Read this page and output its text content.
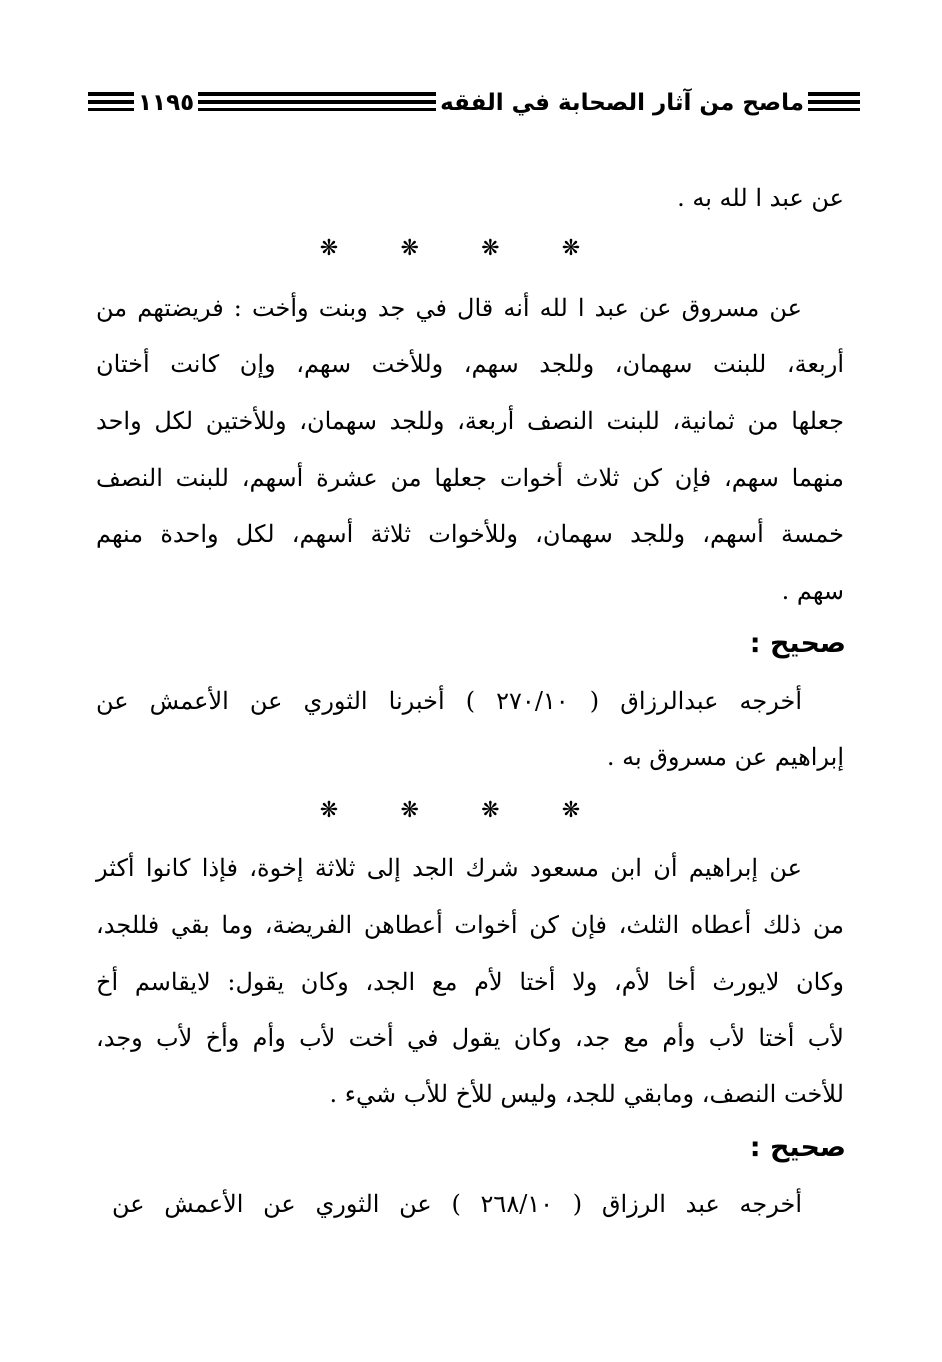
ماصح من آثار الصحابة في الفقه
١١٩٥
عن عبد ا لله به .
❋	❋	❋	❋
عن مسروق عن عبد ا لله أنه قال في جد وبنت وأخت : فريضتهم من
أربعة، للبنت سهمان، وللجد سهم، وللأخت سهم، وإن كانت أختان
جعلها من ثمانية، للبنت النصف أربعة، وللجد سهمان، وللأختين لكل واحد
منهما سهم، فإن كن ثلاث أخوات جعلها من عشرة أسهم، للبنت النصف
خمسة أسهم، وللجد سهمان، وللأخوات ثلاثة أسهم، لكل واحدة منهم
سهم .
صحيح :
أخرجه عبدالرزاق ( ٢٧٠/١٠ ) أخبرنا الثوري عن الأعمش عن
إبراهيم عن مسروق به .
❋	❋	❋	❋
عن إبراهيم أن ابن مسعود شرك الجد إلى ثلاثة إخوة، فإذا كانوا أكثر
من ذلك أعطاه الثلث، فإن كن أخوات أعطاهن الفريضة، وما بقي فللجد،
وكان لايورث أخا لأم، ولا أختا لأم مع الجد، وكان يقول: لايقاسم أخ
لأب أختا لأب وأم مع جد، وكان يقول في أخت لأب وأم وأخ لأب وجد،
للأخت النصف، ومابقي للجد، وليس للأخ للأب شيء .
صحيح :
أخرجه عبد الرزاق ( ٢٦٨/١٠ ) عن الثوري عن الأعمش عن
